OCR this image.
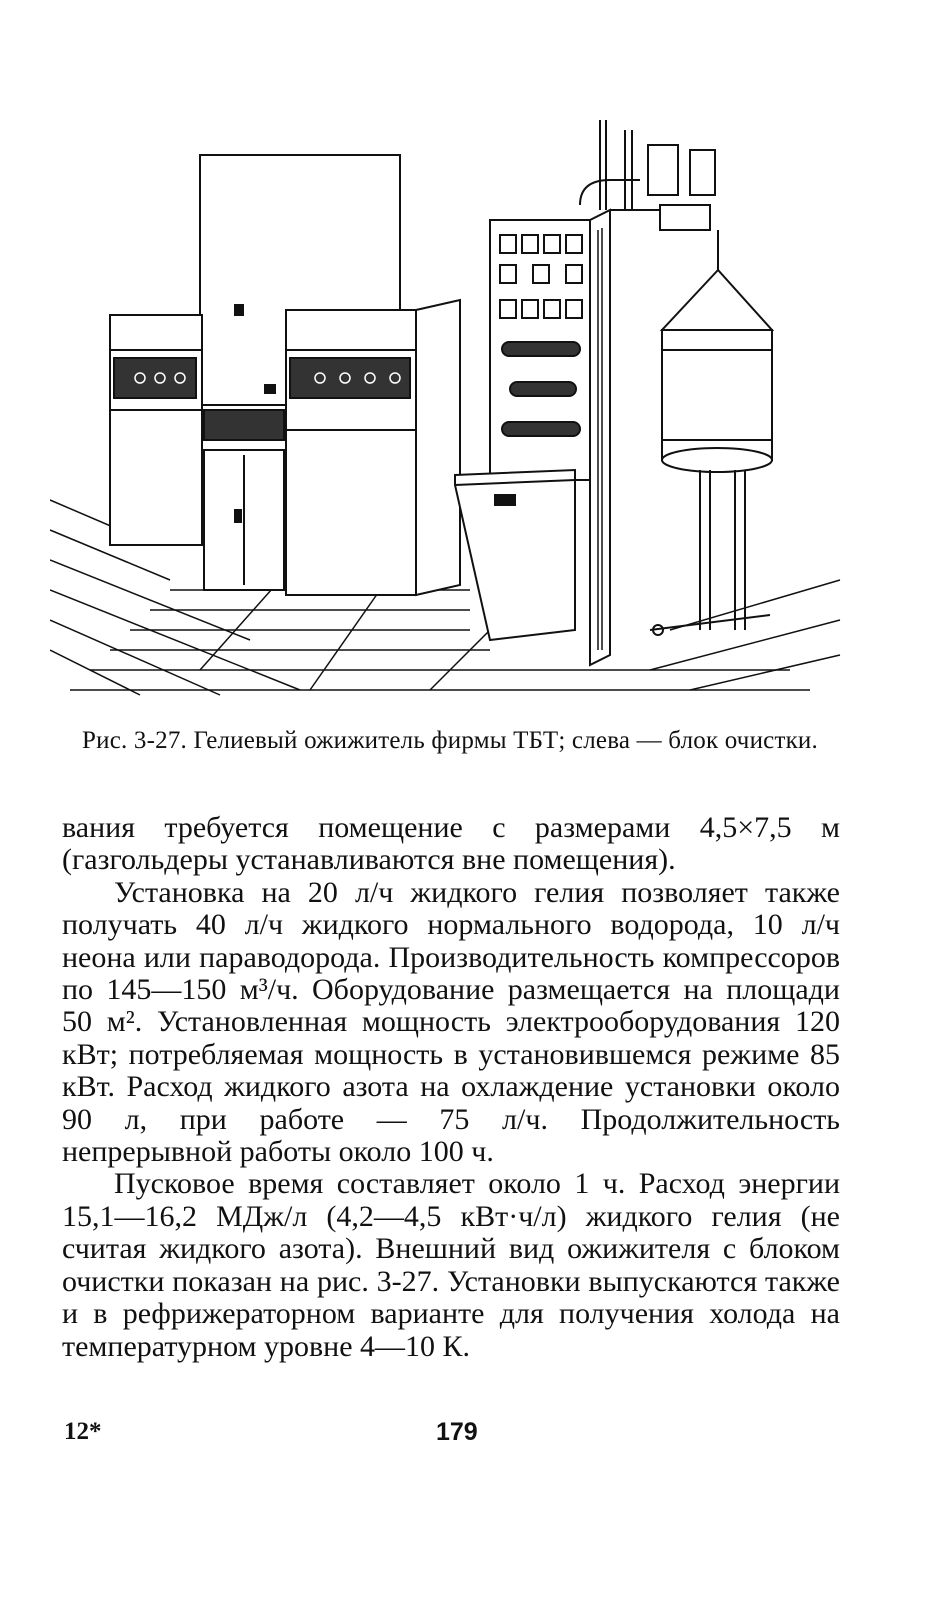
Рис. 3-27. Гелиевый ожижитель фирмы ТБТ; слева — блок очистки.

вания требуется помещение с размерами 4,5×7,5 м (газгольдеры устанавливаются вне помещения).

Установка на 20 л/ч жидкого гелия позволяет также получать 40 л/ч жидкого нормального водорода, 10 л/ч неона или параводорода. Производительность компрессоров по 145—150 м³/ч. Оборудование размещается на площади 50 м². Установленная мощность электрооборудования 120 кВт; потребляемая мощность в установившемся режиме 85 кВт. Расход жидкого азота на охлаждение установки около 90 л, при работе — 75 л/ч. Продолжительность непрерывной работы около 100 ч.

Пусковое время составляет около 1 ч. Расход энергии 15,1—16,2 МДж/л (4,2—4,5 кВт·ч/л) жидкого гелия (не считая жидкого азота). Внешний вид ожижителя с блоком очистки показан на рис. 3-27. Установки выпускаются также и в рефрижераторном варианте для получения холода на температурном уровне 4—10 К.

12*	179
